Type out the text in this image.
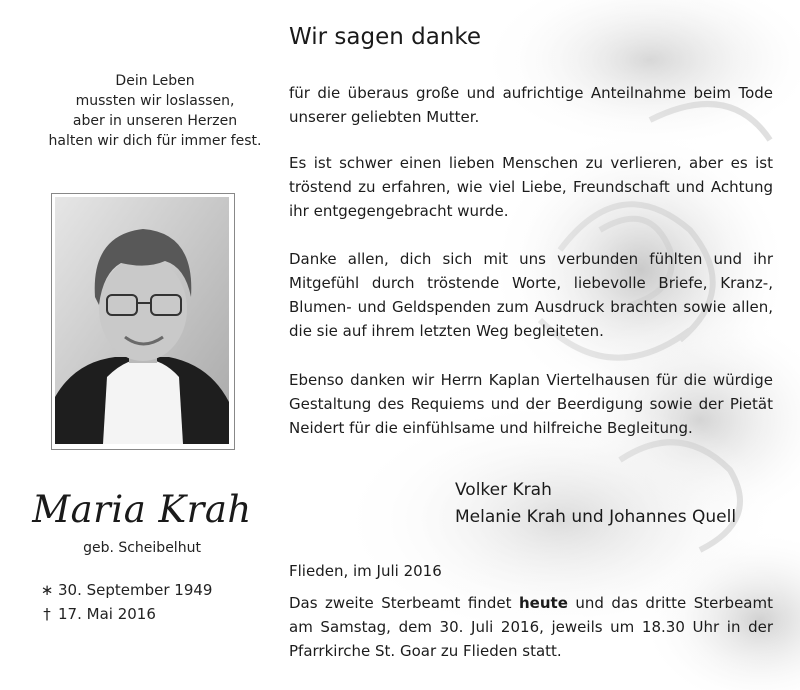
Dein Leben
mussten wir loslassen,
aber in unseren Herzen
halten wir dich für immer fest.
Maria Krah
geb. Scheibelhut
∗ 30. September 1949
† 17. Mai 2016
Wir sagen danke
für die überaus große und aufrichtige Anteilnahme beim Tode unserer geliebten Mutter.
Es ist schwer einen lieben Menschen zu verlieren, aber es ist tröstend zu erfahren, wie viel Liebe, Freundschaft und Achtung ihr entgegengebracht wurde.
Danke allen, dich sich mit uns verbunden fühlten und ihr Mitgefühl durch tröstende Worte, liebevolle Briefe, Kranz-, Blumen- und Geldspenden zum Ausdruck brachten sowie allen, die sie auf ihrem letzten Weg begleiteten.
Ebenso danken wir Herrn Kaplan Viertelhausen für die würdige Gestaltung des Requiems und der Beerdigung sowie der Pietät Neidert für die einfühlsame und hilfreiche Begleitung.
Volker Krah
Melanie Krah und Johannes Quell
Flieden, im Juli 2016
Das zweite Sterbeamt findet heute und das dritte Sterbeamt am Samstag, dem 30. Juli 2016, jeweils um 18.30 Uhr in der Pfarrkirche St. Goar zu Flieden statt.
